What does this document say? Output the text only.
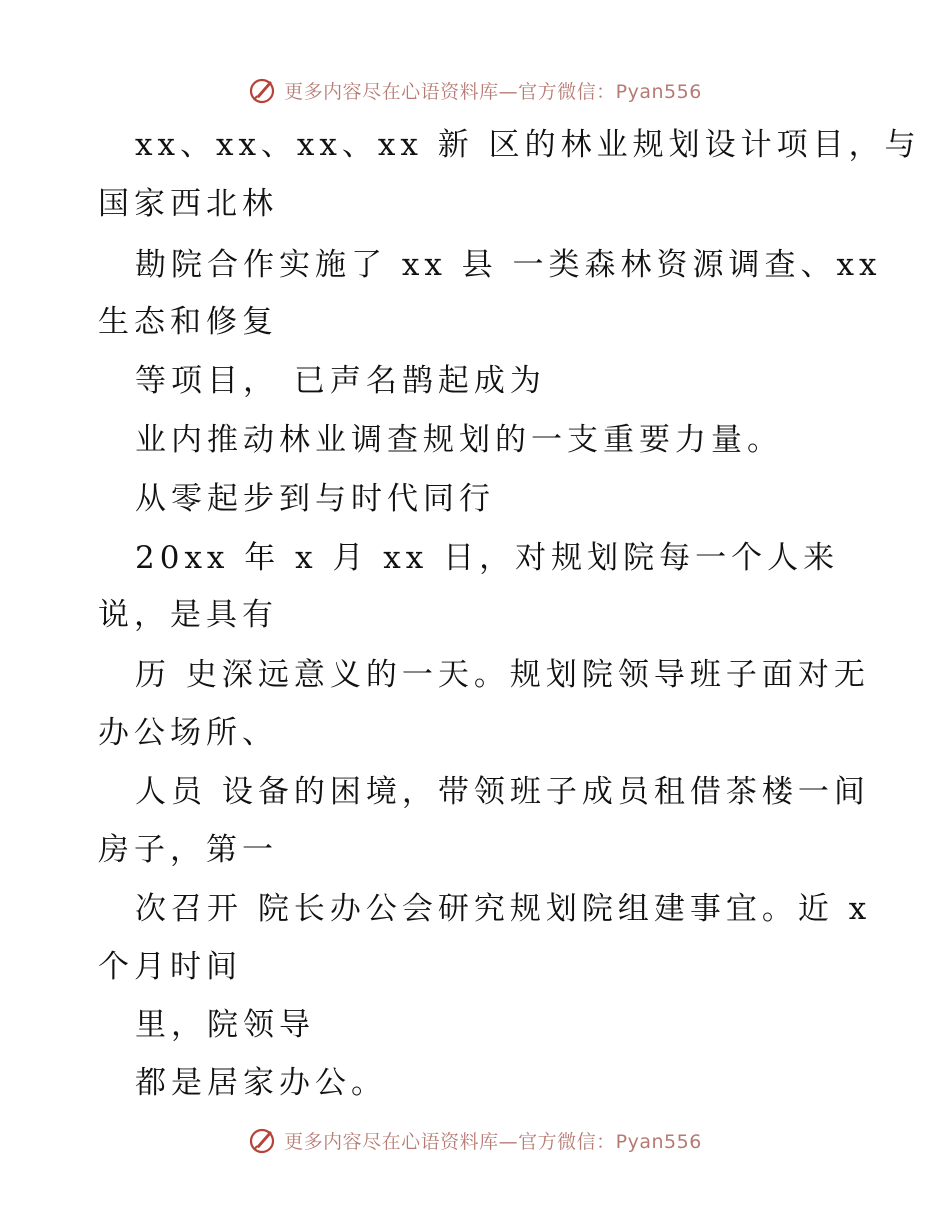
更多内容尽在心语资料库—官方微信：Pyan556
xx、xx、xx、xx 新 区的林业规划设计项目，与
国家西北林
勘院合作实施了 xx 县 一类森林资源调查、xx
生态和修复
等项目， 已声名鹊起成为
业内推动林业调查规划的一支重要力量。
从零起步到与时代同行
20xx 年 x 月 xx 日，对规划院每一个人来
说，是具有
历 史深远意义的一天。规划院领导班子面对无
办公场所、
人员 设备的困境，带领班子成员租借茶楼一间
房子，第一
次召开 院长办公会研究规划院组建事宜。近 x
个月时间
里，院领导
都是居家办公。
更多内容尽在心语资料库—官方微信：Pyan556
